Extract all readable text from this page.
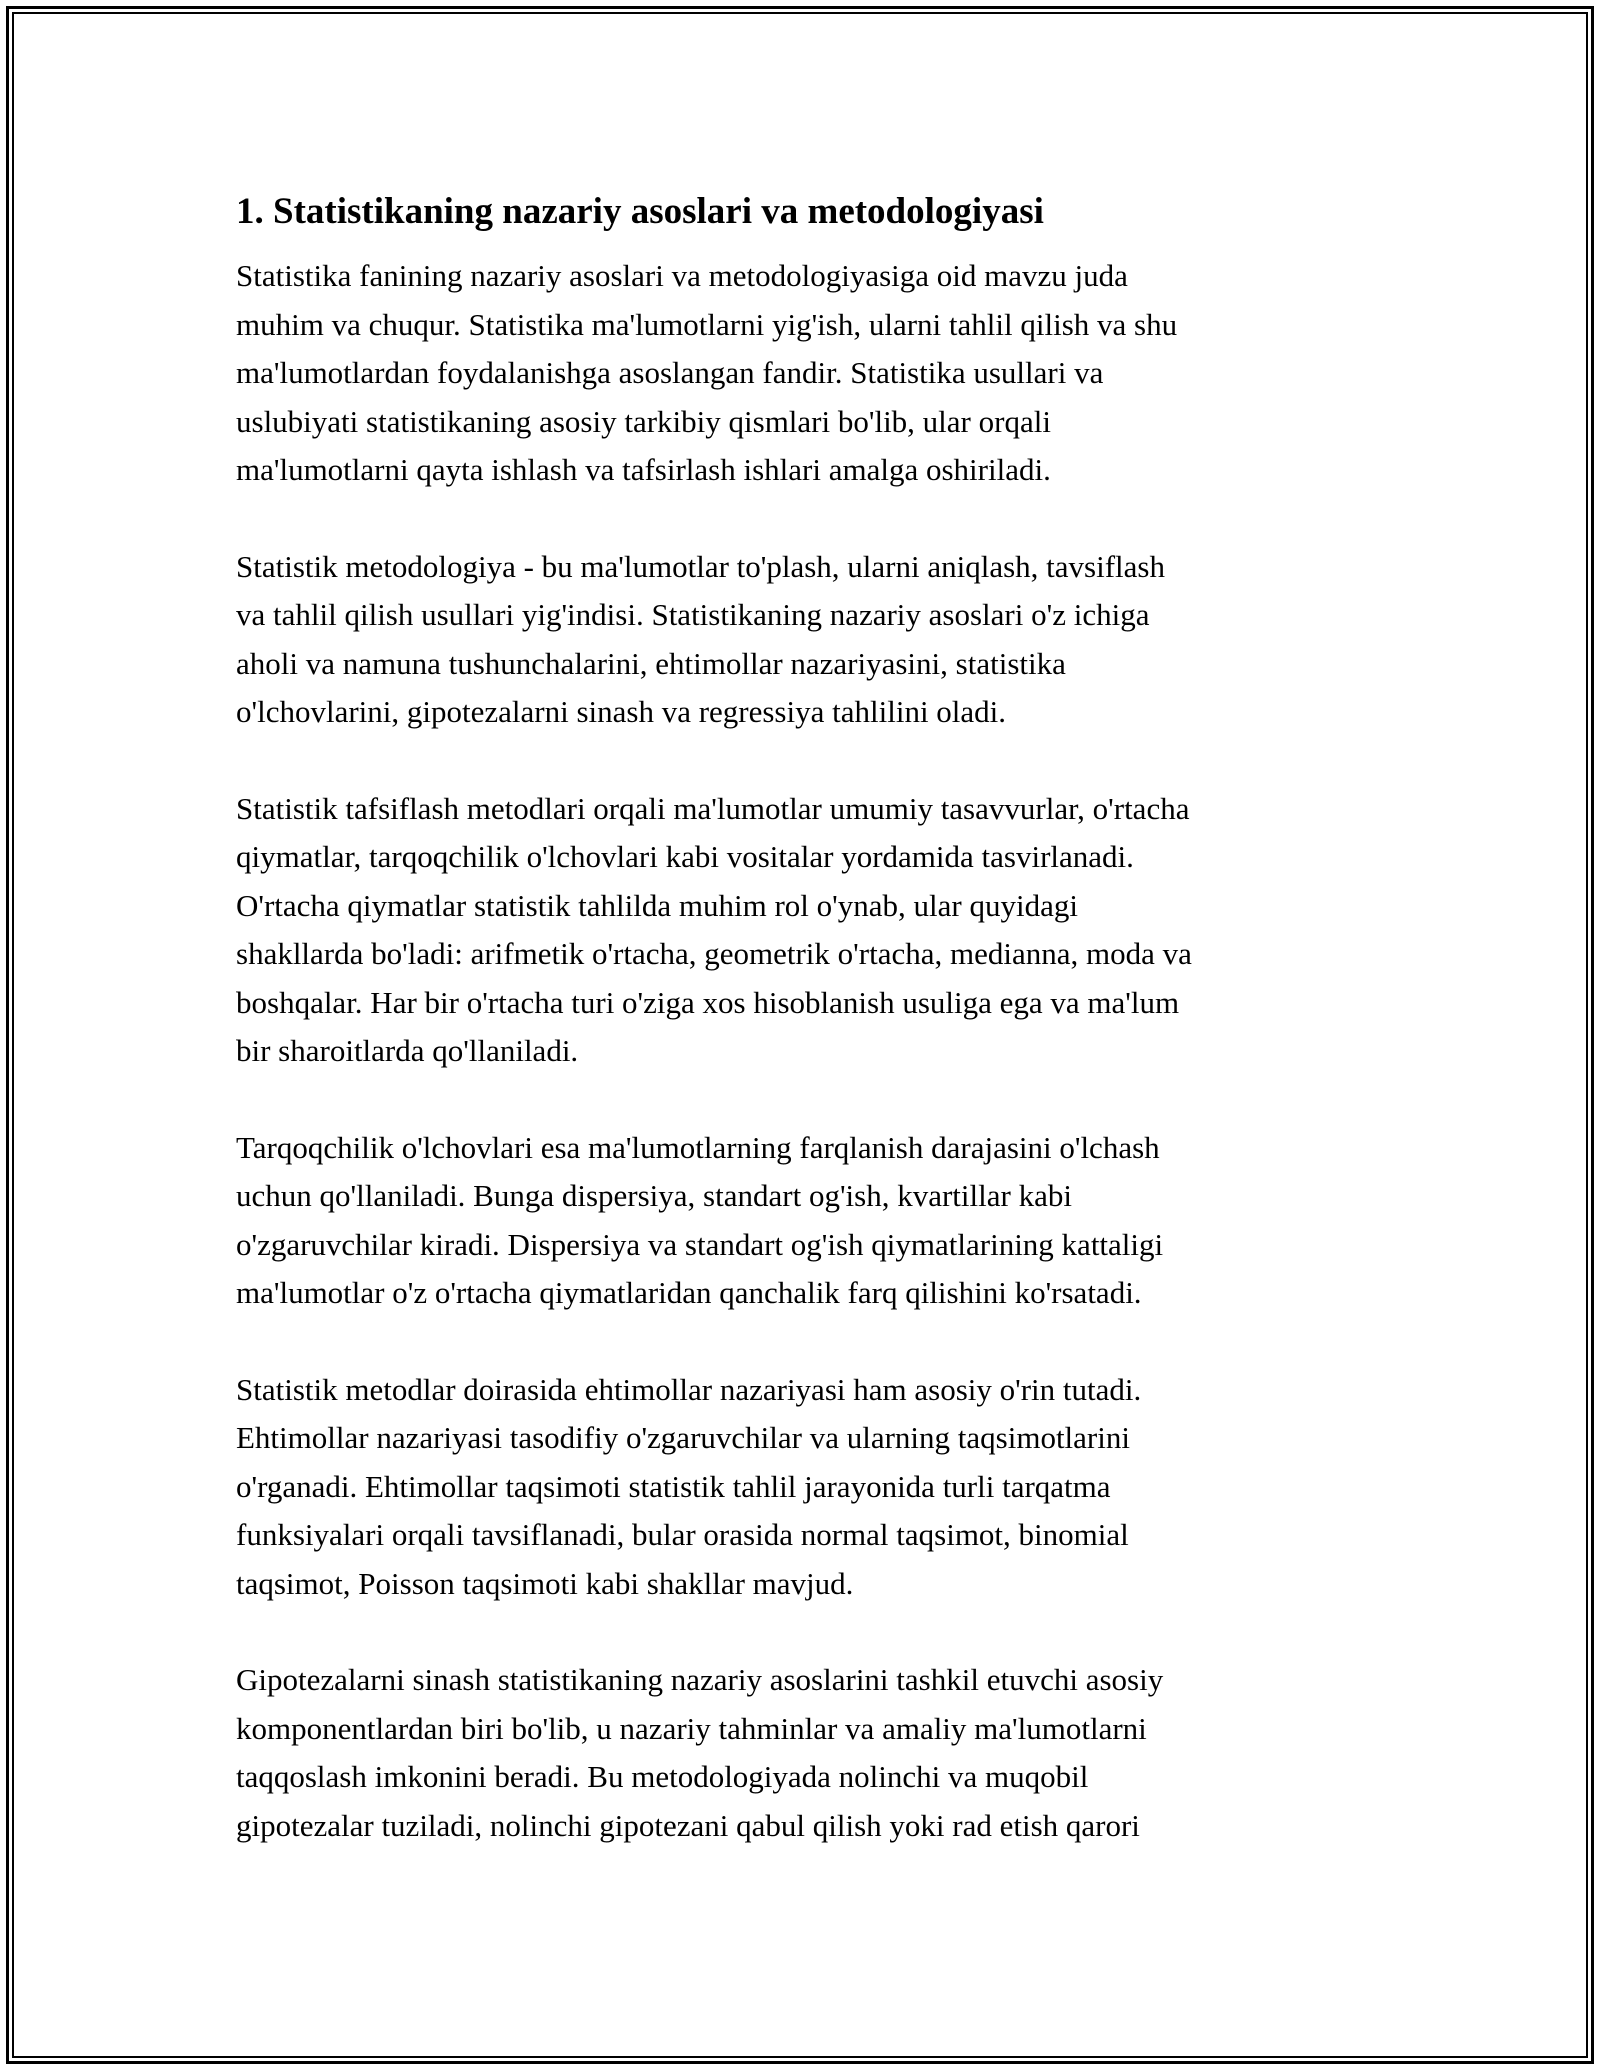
1. Statistikaning nazariy asoslari va metodologiyasi

Statistika fanining nazariy asoslari va metodologiyasiga oid mavzu juda
muhim va chuqur. Statistika ma'lumotlarni yig'ish, ularni tahlil qilish va shu
ma'lumotlardan foydalanishga asoslangan fandir. Statistika usullari va
uslubiyati statistikaning asosiy tarkibiy qismlari bo'lib, ular orqali
ma'lumotlarni qayta ishlash va tafsirlash ishlari amalga oshiriladi.

Statistik metodologiya - bu ma'lumotlar to'plash, ularni aniqlash, tavsiflash
va tahlil qilish usullari yig'indisi. Statistikaning nazariy asoslari o'z ichiga
aholi va namuna tushunchalarini, ehtimollar nazariyasini, statistika
o'lchovlarini, gipotezalarni sinash va regressiya tahlilini oladi.

Statistik tafsiflash metodlari orqali ma'lumotlar umumiy tasavvurlar, o'rtacha
qiymatlar, tarqoqchilik o'lchovlari kabi vositalar yordamida tasvirlanadi.
O'rtacha qiymatlar statistik tahlilda muhim rol o'ynab, ular quyidagi
shakllarda bo'ladi: arifmetik o'rtacha, geometrik o'rtacha, medianna, moda va
boshqalar. Har bir o'rtacha turi o'ziga xos hisoblanish usuliga ega va ma'lum
bir sharoitlarda qo'llaniladi.

Tarqoqchilik o'lchovlari esa ma'lumotlarning farqlanish darajasini o'lchash
uchun qo'llaniladi. Bunga dispersiya, standart og'ish, kvartillar kabi
o'zgaruvchilar kiradi. Dispersiya va standart og'ish qiymatlarining kattaligi
ma'lumotlar o'z o'rtacha qiymatlaridan qanchalik farq qilishini ko'rsatadi.

Statistik metodlar doirasida ehtimollar nazariyasi ham asosiy o'rin tutadi.
Ehtimollar nazariyasi tasodifiy o'zgaruvchilar va ularning taqsimotlarini
o'rganadi. Ehtimollar taqsimoti statistik tahlil jarayonida turli tarqatma
funksiyalari orqali tavsiflanadi, bular orasida normal taqsimot, binomial
taqsimot, Poisson taqsimoti kabi shakllar mavjud.

Gipotezalarni sinash statistikaning nazariy asoslarini tashkil etuvchi asosiy
komponentlardan biri bo'lib, u nazariy tahminlar va amaliy ma'lumotlarni
taqqoslash imkonini beradi. Bu metodologiyada nolinchi va muqobil
gipotezalar tuziladi, nolinchi gipotezani qabul qilish yoki rad etish qarori
